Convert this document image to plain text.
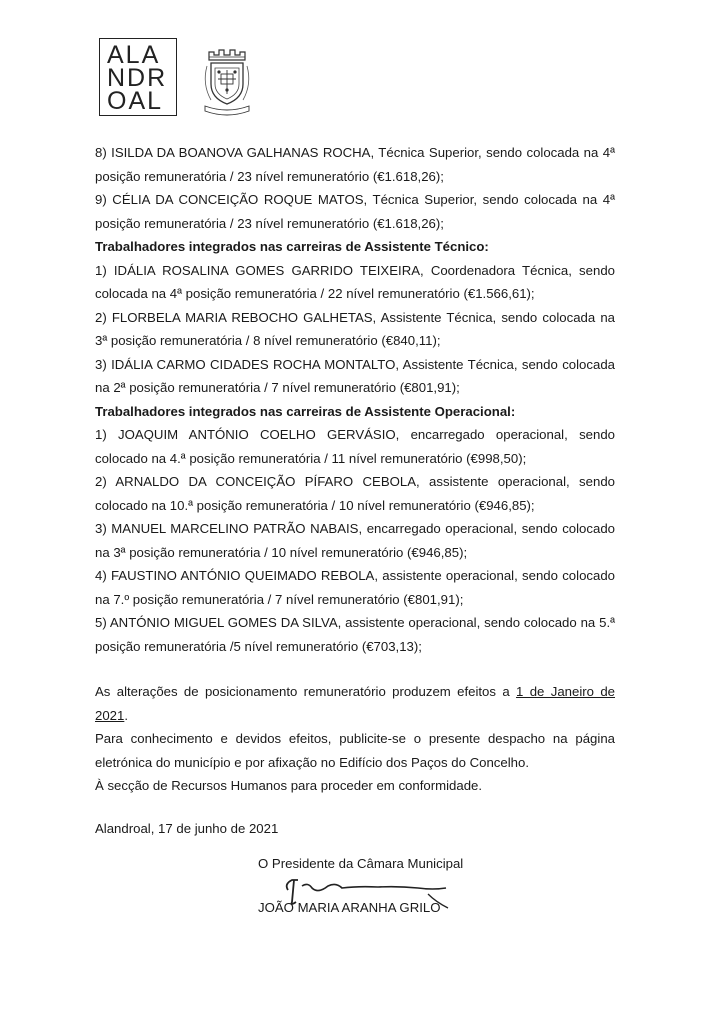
ALA
NDR
OAL

8) ISILDA DA BOANOVA GALHANAS ROCHA, Técnica Superior, sendo colocada na 4ª posição remuneratória / 23 nível remuneratório (€1.618,26);

9) CÉLIA DA CONCEIÇÃO ROQUE MATOS, Técnica Superior, sendo colocada na 4ª posição remuneratória / 23 nível remuneratório (€1.618,26);

Trabalhadores integrados nas carreiras de Assistente Técnico:

1) IDÁLIA ROSALINA GOMES GARRIDO TEIXEIRA, Coordenadora Técnica, sendo colocada na 4ª posição remuneratória / 22 nível remuneratório (€1.566,61);

2) FLORBELA MARIA REBOCHO GALHETAS, Assistente Técnica, sendo colocada na 3ª posição remuneratória / 8 nível remuneratório (€840,11);

3) IDÁLIA CARMO CIDADES ROCHA MONTALTO, Assistente Técnica, sendo colocada na 2ª posição remuneratória / 7 nível remuneratório (€801,91);

Trabalhadores integrados nas carreiras de Assistente Operacional:

1) JOAQUIM ANTÓNIO COELHO GERVÁSIO, encarregado operacional, sendo colocado na 4.ª posição remuneratória / 11 nível remuneratório (€998,50);

2) ARNALDO DA CONCEIÇÃO PÍFARO CEBOLA, assistente operacional, sendo colocado na 10.ª posição remuneratória / 10 nível remuneratório (€946,85);

3) MANUEL MARCELINO PATRÃO NABAIS, encarregado operacional, sendo colocado na 3ª posição remuneratória / 10 nível remuneratório (€946,85);

4) FAUSTINO ANTÓNIO QUEIMADO REBOLA, assistente operacional, sendo colocado na 7.º posição remuneratória / 7 nível remuneratório (€801,91);

5) ANTÓNIO MIGUEL GOMES DA SILVA, assistente operacional, sendo colocado na 5.ª posição remuneratória /5 nível remuneratório (€703,13);

As alterações de posicionamento remuneratório produzem efeitos a 1 de Janeiro de 2021.

Para conhecimento e devidos efeitos, publicite-se o presente despacho na página eletrónica do município e por afixação no Edifício dos Paços do Concelho.

À secção de Recursos Humanos para proceder em conformidade.

Alandroal, 17 de junho de 2021
O Presidente da Câmara Municipal
JOÃO MARIA ARANHA GRILO
